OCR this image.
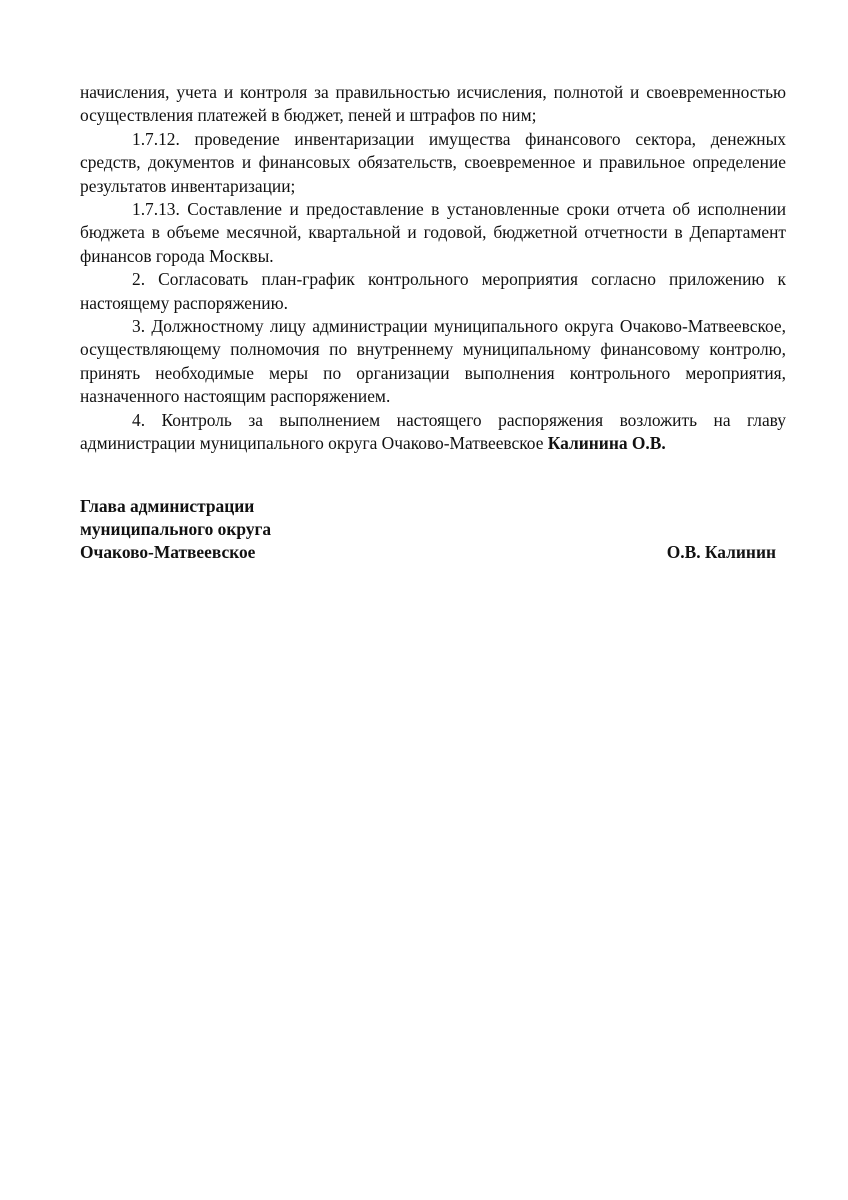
начисления, учета и контроля за правильностью исчисления, полнотой и своевременностью осуществления платежей в бюджет, пеней и штрафов по ним;

1.7.12. проведение инвентаризации имущества финансового сектора, денежных средств, документов и финансовых обязательств, своевременное и правильное определение результатов инвентаризации;

1.7.13. Составление и предоставление в установленные сроки отчета об исполнении бюджета в объеме месячной, квартальной и годовой, бюджетной отчетности в Департамент финансов города Москвы.

2. Согласовать план-график контрольного мероприятия согласно приложению к настоящему распоряжению.

3. Должностному лицу администрации муниципального округа Очаково-Матвеевское, осуществляющему полномочия по внутреннему муниципальному финансовому контролю, принять необходимые меры по организации выполнения контрольного мероприятия, назначенного настоящим распоряжением.

4. Контроль за выполнением настоящего распоряжения возложить на главу администрации муниципального округа Очаково-Матвеевское Калинина О.В.

Глава администрации
муниципального округа
Очаково-Матвеевское	О.В. Калинин
